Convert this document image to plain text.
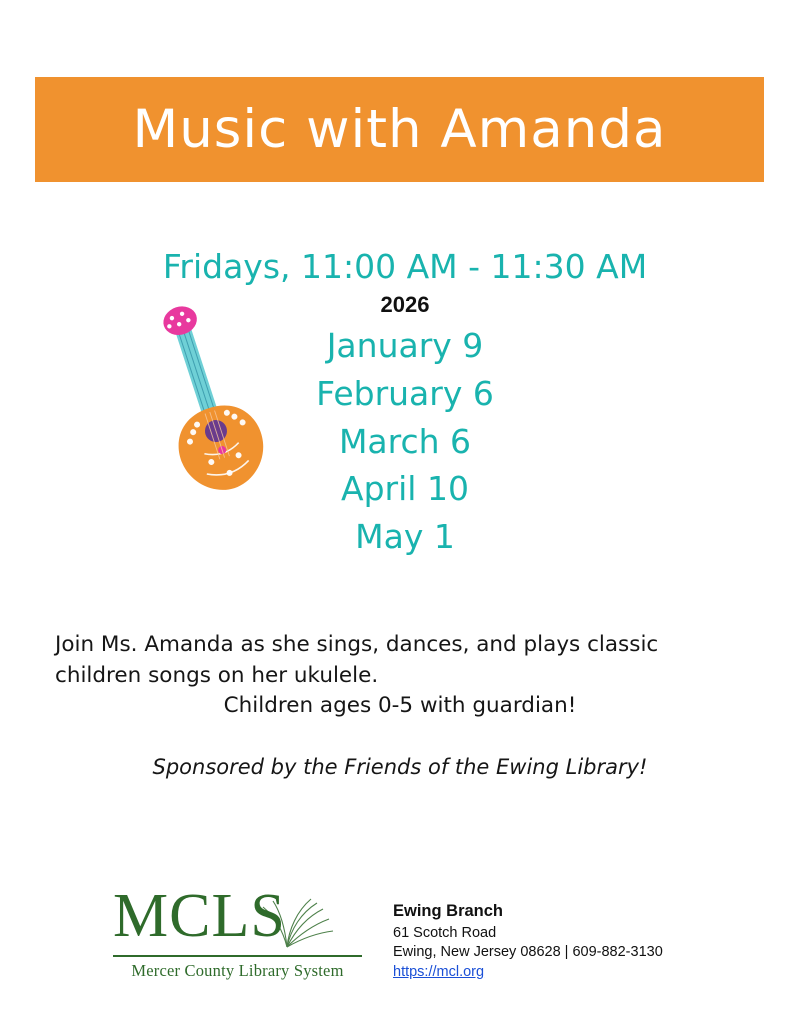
Music with Amanda
Fridays, 11:00 AM - 11:30 AM
2026
January 9
February 6
March 6
April 10
May 1
Join Ms. Amanda as she sings, dances, and plays classic
children songs on her ukulele.
Children ages 0-5 with guardian!
Sponsored by the Friends of the Ewing Library!
MCLS
Mercer County Library System
Ewing Branch
61 Scotch Road
Ewing, New Jersey 08628 | 609-882-3130
https://mcl.org
